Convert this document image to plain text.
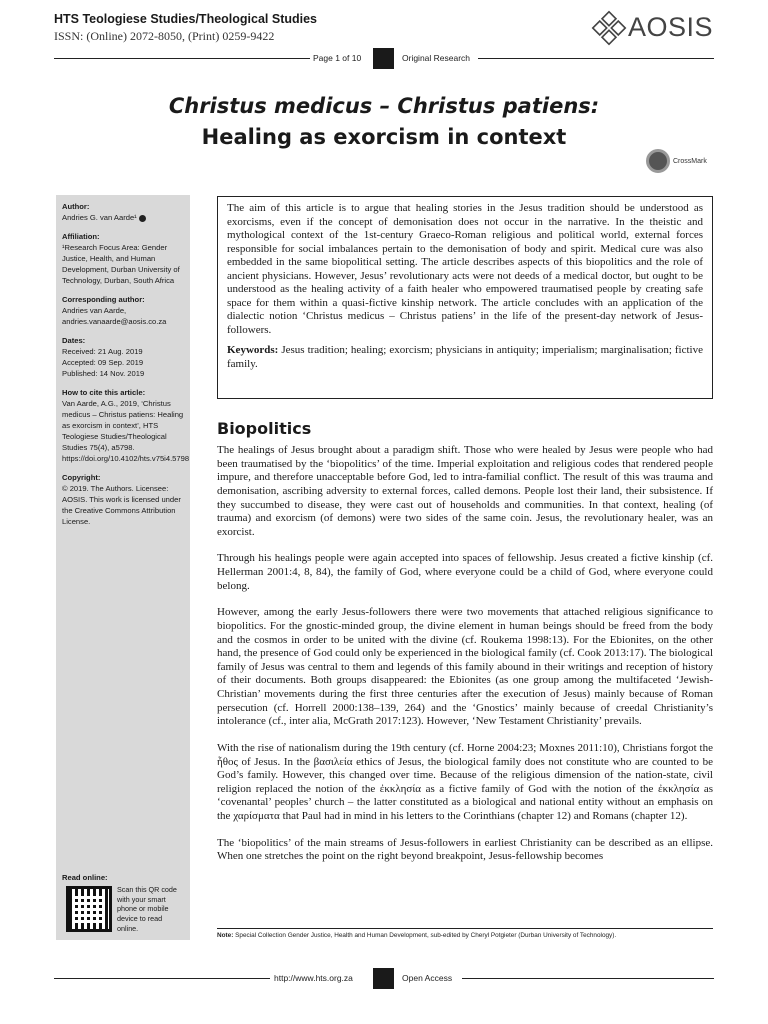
HTS Teologiese Studies/Theological Studies
ISSN: (Online) 2072-8050, (Print) 0259-9422	AOSIS
Page 1 of 10	Original Research
Christus medicus – Christus patiens:
Healing as exorcism in context
CrossMark
Author:
Andries G. van Aarde¹
Affiliation:
¹Research Focus Area: Gender Justice, Health, and Human Development, Durban University of Technology, Durban, South Africa
Corresponding author:
Andries van Aarde,
andries.vanaarde@aosis.co.za
Dates:
Received: 21 Aug. 2019
Accepted: 09 Sep. 2019
Published: 14 Nov. 2019
How to cite this article:
Van Aarde, A.G., 2019, ‘Christus medicus – Christus patiens: Healing as exorcism in context’, HTS Teologiese Studies/Theological Studies 75(4), a5798. https://doi.org/10.4102/hts.v75i4.5798
Copyright:
© 2019. The Authors. Licensee: AOSIS. This work is licensed under the Creative Commons Attribution License.
Read online:
Scan this QR code with your smart phone or mobile device to read online.

The aim of this article is to argue that healing stories in the Jesus tradition should be understood as exorcisms, even if the concept of demonisation does not occur in the narrative. In the theistic and mythological context of the 1st-century Graeco-Roman religious and political world, external forces responsible for social imbalances pertain to the demonisation of body and spirit. Medical cure was also embedded in the same biopolitical setting. The article describes aspects of this biopolitics and the role of ancient physicians. However, Jesus’ revolutionary acts were not deeds of a medical doctor, but ought to be understood as the healing activity of a faith healer who empowered traumatised people by creating safe space for them within a quasi-fictive kinship network. The article concludes with an application of the dialectic notion ‘Christus medicus – Christus patiens’ in the life of the present-day network of Jesus-followers.

Keywords: Jesus tradition; healing; exorcism; physicians in antiquity; imperialism; marginalisation; fictive family.

Biopolitics

The healings of Jesus brought about a paradigm shift. Those who were healed by Jesus were people who had been traumatised by the ‘biopolitics’ of the time. Imperial exploitation and religious codes that rendered people impure, and therefore unacceptable before God, led to intra-familial conflict. The result of this was trauma and demonisation, ascribing adversity to external forces, called demons. People lost their land, their subsistence. If they succumbed to disease, they were cast out of households and communities. In that context, healing (of trauma) and exorcism (of demons) were two sides of the same coin. Jesus, the revolutionary healer, was an exorcist.

Through his healings people were again accepted into spaces of fellowship. Jesus created a fictive kinship (cf. Hellerman 2001:4, 8, 84), the family of God, where everyone could be a child of God, where everyone could belong.

However, among the early Jesus-followers there were two movements that attached religious significance to biopolitics. For the gnostic-minded group, the divine element in human beings should be freed from the body and the cosmos in order to be united with the divine (cf. Roukema 1998:13). For the Ebionites, on the other hand, the presence of God could only be experienced in the biological family (cf. Cook 2013:17). The biological family of Jesus was central to them and legends of this family abound in their writings and reception of history of their documents. Both groups disappeared: the Ebionites (as one group among the multifaceted ‘Jewish-Christian’ movements during the first three centuries after the execution of Jesus) mainly because of Roman persecution (cf. Horrell 2000:138–139, 264) and the ‘Gnostics’ mainly because of creedal Christianity’s intolerance (cf., inter alia, McGrath 2017:123). However, ‘New Testament Christianity’ prevails.

With the rise of nationalism during the 19th century (cf. Horne 2004:23; Moxnes 2011:10), Christians forgot the ἦθος of Jesus. In the βασιλεία ethics of Jesus, the biological family does not constitute who are counted to be God’s family. However, this changed over time. Because of the religious dimension of the nation-state, civil religion replaced the notion of the ἐκκλησία as a fictive family of God with the notion of the ἐκκλησία as ‘covenantal’ peoples’ church – the latter constituted as a biological and national entity without an emphasis on the χαρίσματα that Paul had in mind in his letters to the Corinthians (chapter 12) and Romans (chapter 12).

The ‘biopolitics’ of the main streams of Jesus-followers in earliest Christianity can be described as an ellipse. When one stretches the point on the right beyond breakpoint, Jesus-fellowship becomes

Note: Special Collection Gender Justice, Health and Human Development, sub-edited by Cheryl Potgieter (Durban University of Technology).
http://www.hts.org.za	Open Access
